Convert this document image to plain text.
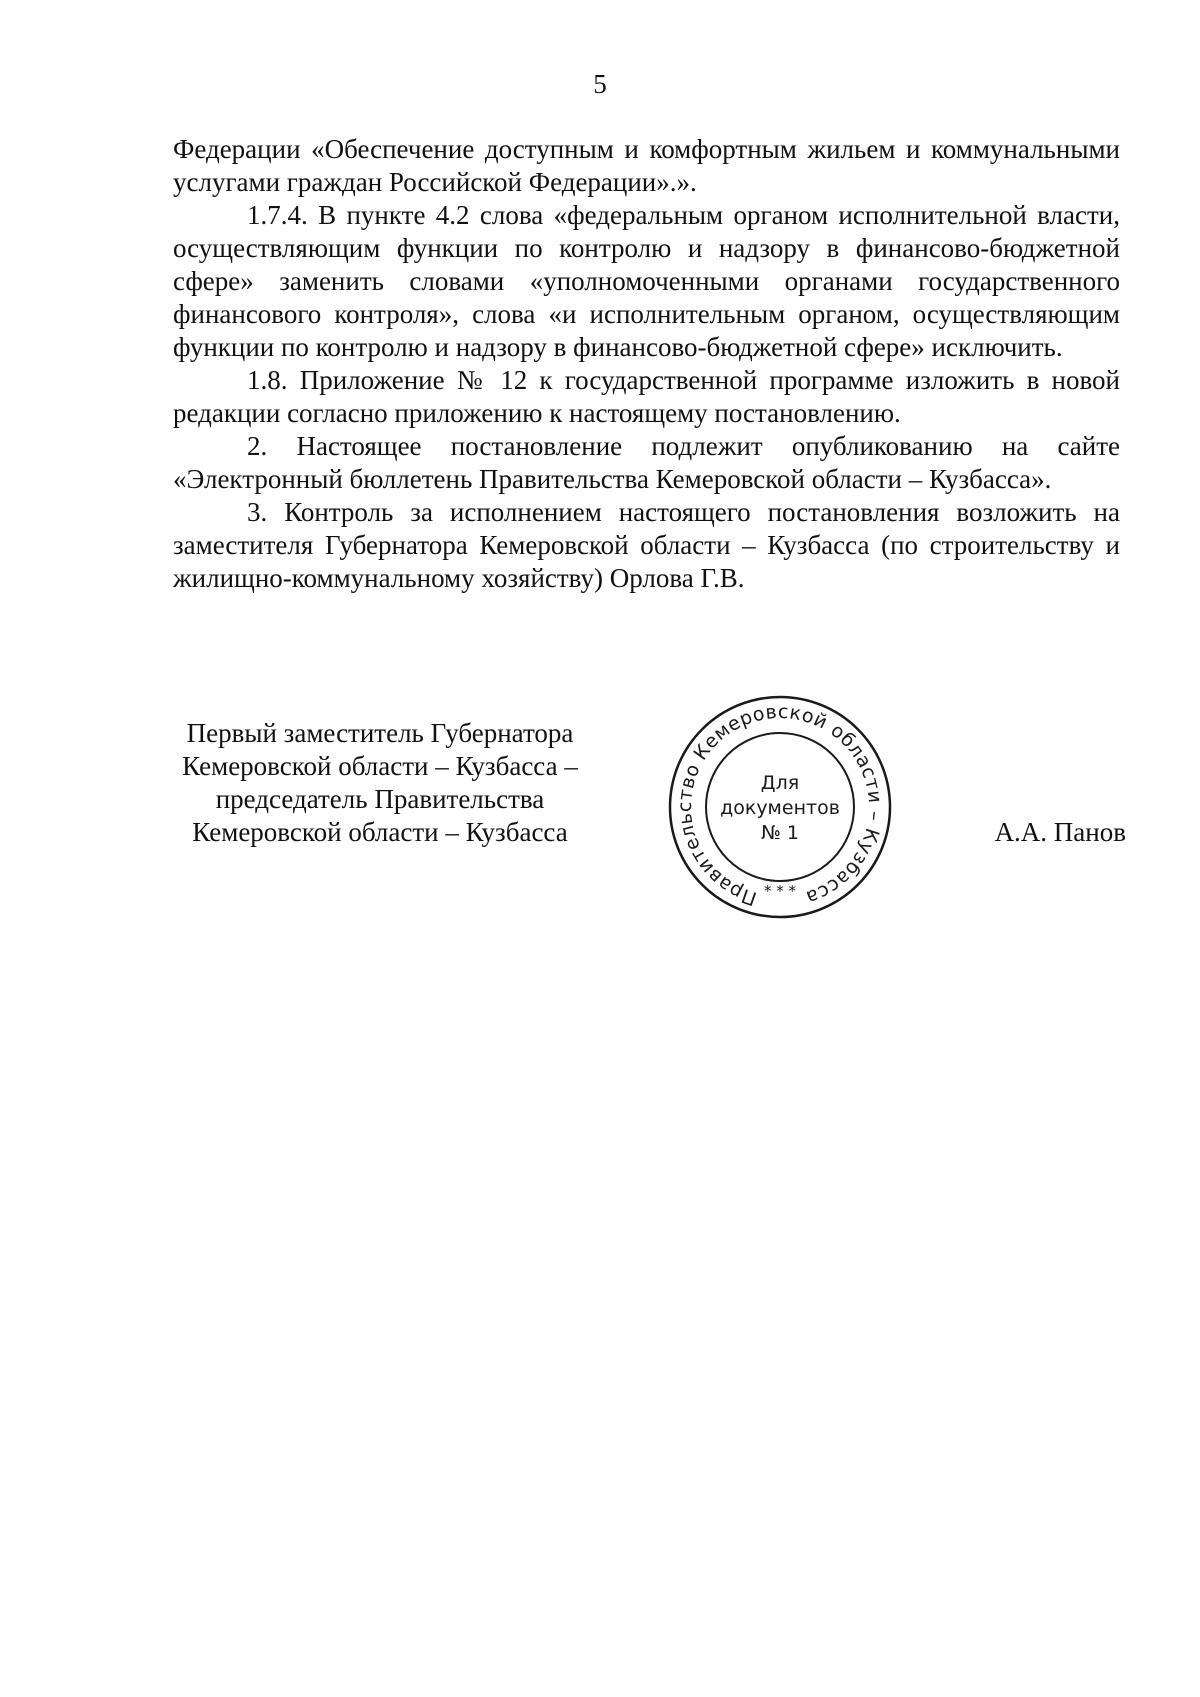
5

Федерации «Обеспечение доступным и комфортным жильем и коммунальными услугами граждан Российской Федерации».».

1.7.4. В пункте 4.2 слова «федеральным органом исполнительной власти, осуществляющим функции по контролю и надзору в финансово-бюджетной сфере» заменить словами «уполномоченными органами государственного финансового контроля», слова «и исполнительным органом, осуществляющим функции по контролю и надзору в финансово-бюджетной сфере» исключить.

1.8. Приложение № 12 к государственной программе изложить в новой редакции согласно приложению к настоящему постановлению.

2. Настоящее постановление подлежит опубликованию на сайте «Электронный бюллетень Правительства Кемеровской области – Кузбасса».

3. Контроль за исполнением настоящего постановления возложить на заместителя Губернатора Кемеровской области – Кузбасса (по строительству и жилищно-коммунальному хозяйству) Орлова Г.В.

Первый заместитель Губернатора
Кемеровской области – Кузбасса –
председатель Правительства
Кемеровской области – Кузбасса
Правительство Кемеровской области – Кузбасса
Для
документов
№ 1
* * *
А.А. Панов
